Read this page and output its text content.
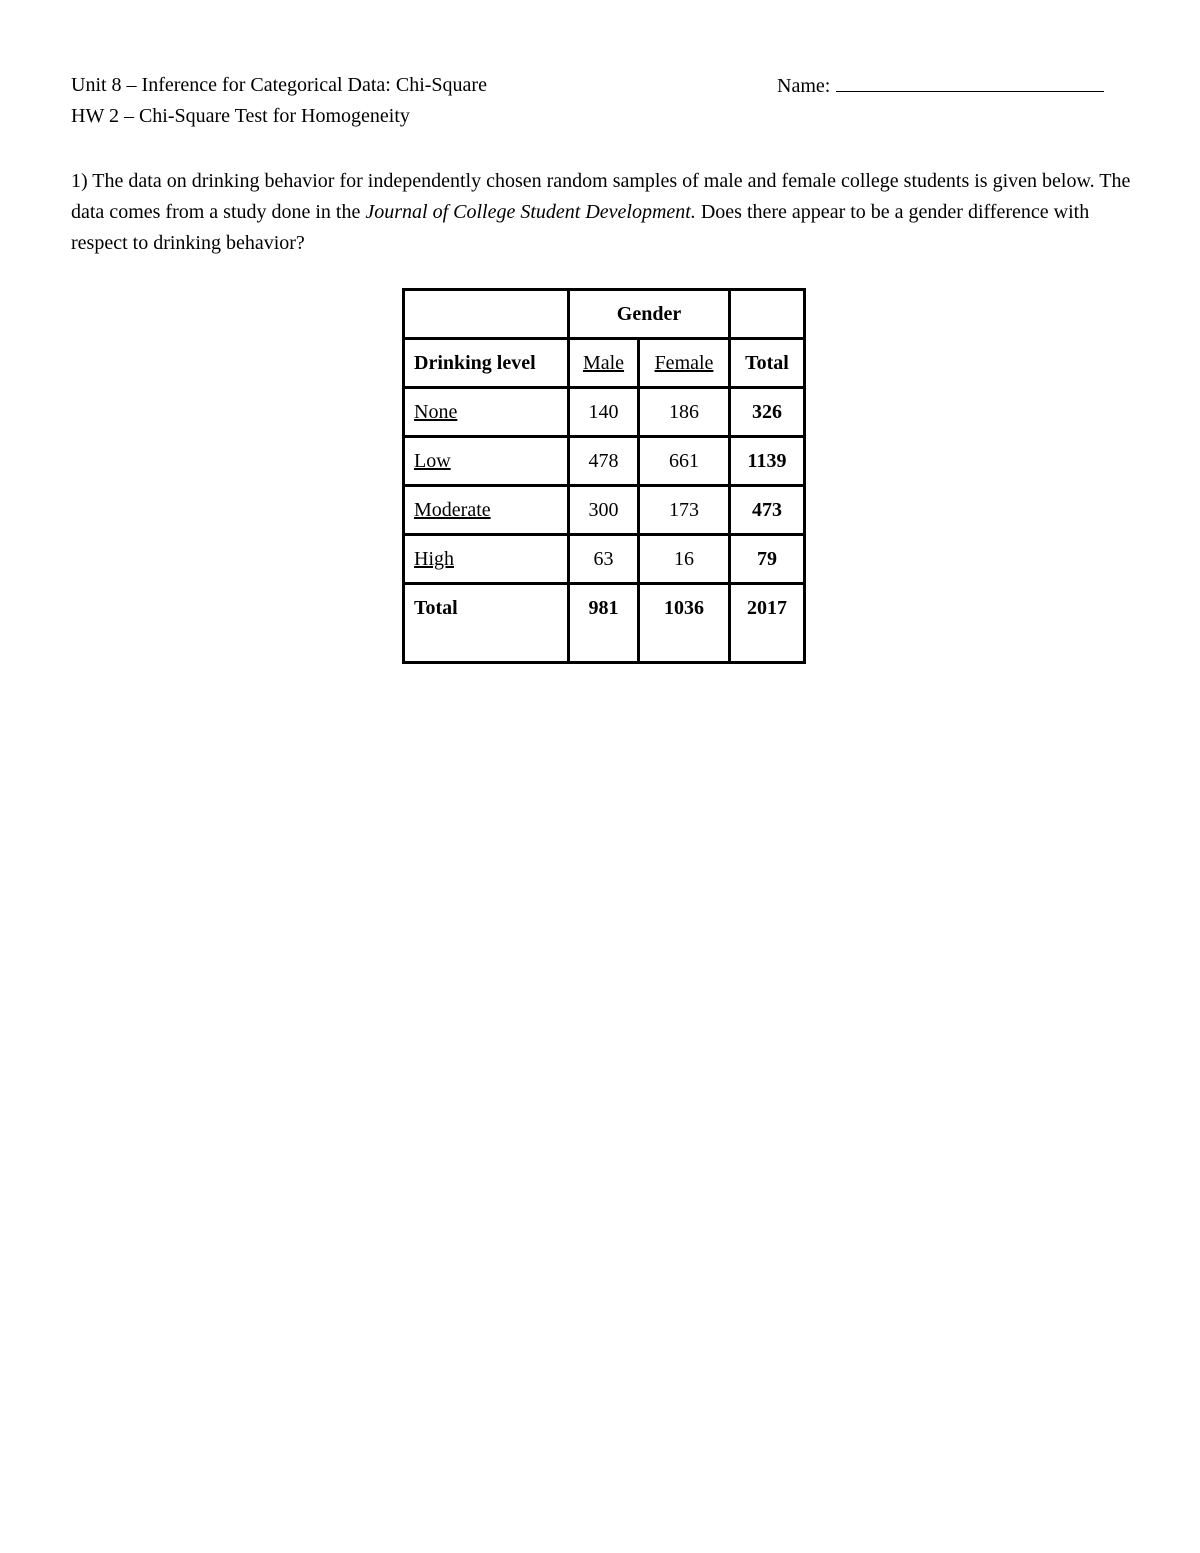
Unit 8 – Inference for Categorical Data: Chi-Square
HW 2 – Chi-Square Test for Homogeneity
Name:

1) The data on drinking behavior for independently chosen random samples of male and female college students is given below. The data comes from a study done in the Journal of College Student Development. Does there appear to be a gender difference with respect to drinking behavior?

	Gender		
Drinking level	Male	Female	Total
None	140	186	326
Low	478	661	1139
Moderate	300	173	473
High	63	16	79
Total	981	1036	2017
